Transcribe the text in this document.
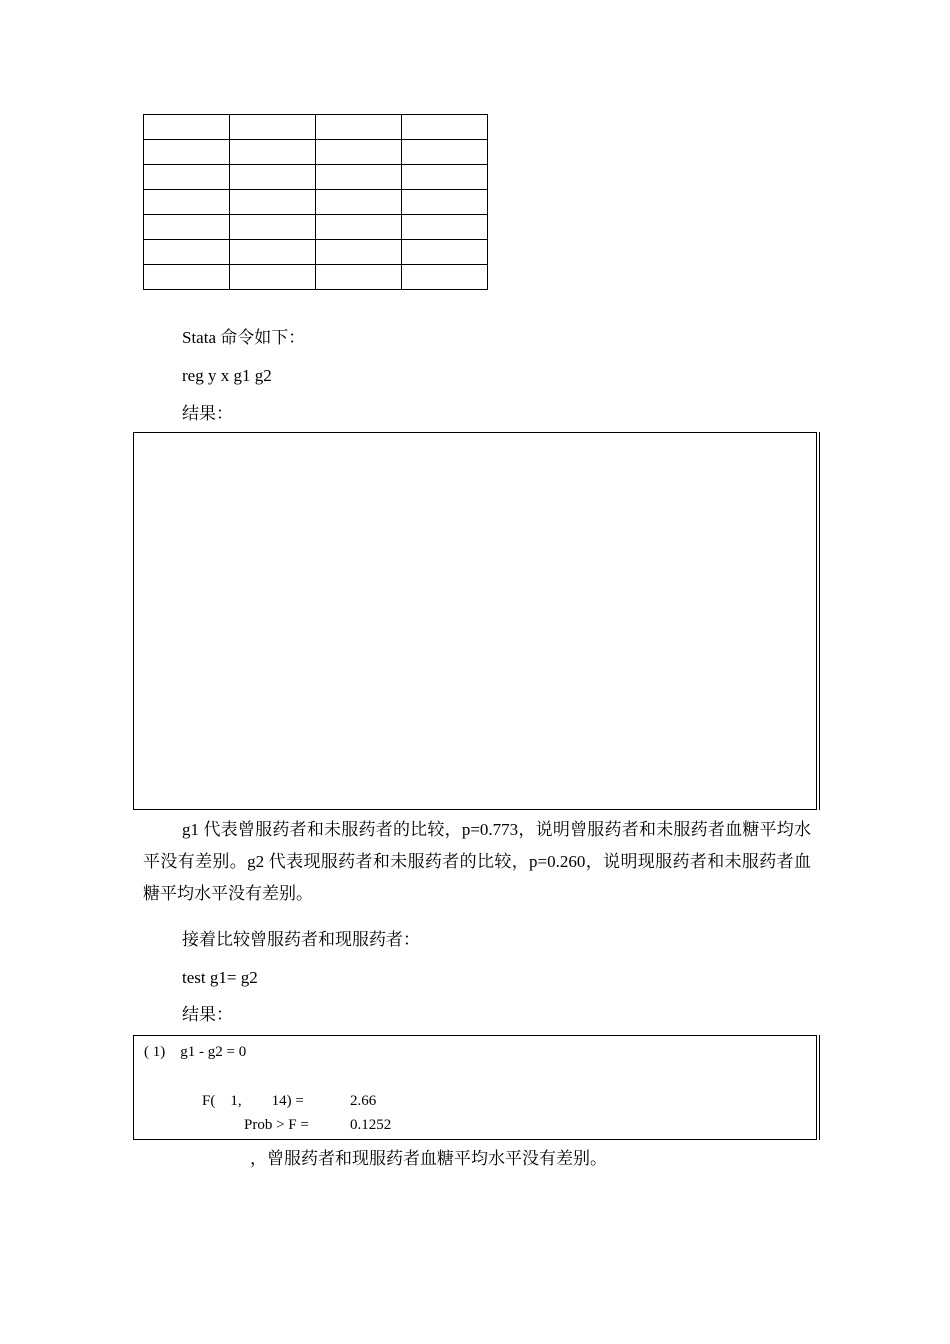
Stata 命令如下：
reg y x g1 g2
结果：
g1 代表曾服药者和未服药者的比较，p=0.773，说明曾服药者和未服药者血糖平均水平没有差别。g2 代表现服药者和未服药者的比较，p=0.260，说明现服药者和未服药者血糖平均水平没有差别。
接着比较曾服药者和现服药者：
test g1= g2
结果：
( 1)    g1 - g2 = 0
F(    1,        14) =	2.66
Prob > F =	0.1252
，曾服药者和现服药者血糖平均水平没有差别。
